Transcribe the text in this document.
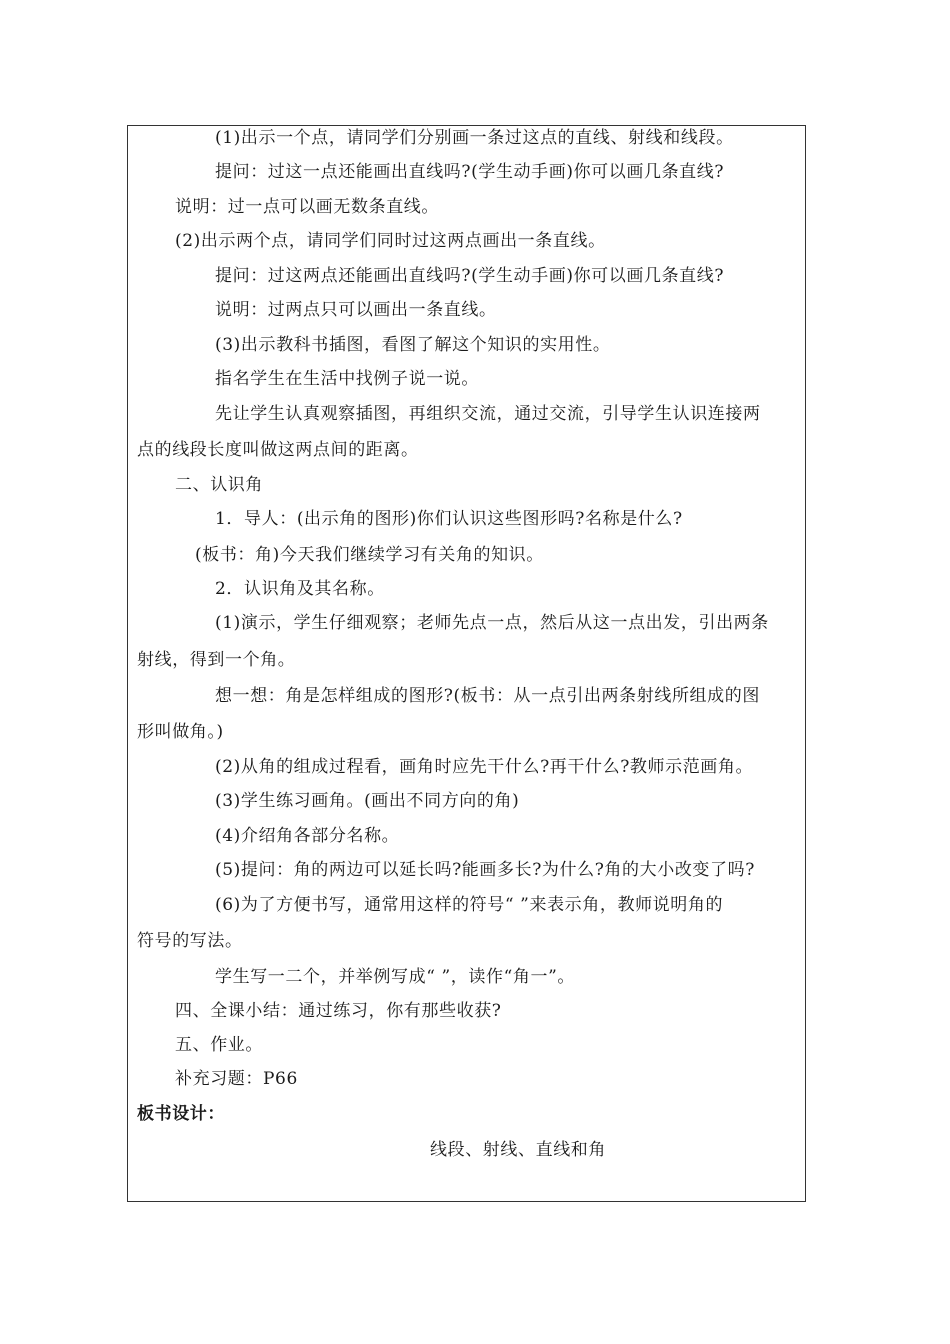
(1)出示一个点，请同学们分别画一条过这点的直线、射线和线段。
提问：过这一点还能画出直线吗?(学生动手画)你可以画几条直线?
说明：过一点可以画无数条直线。
(2)出示两个点，请同学们同时过这两点画出一条直线。
提问：过这两点还能画出直线吗?(学生动手画)你可以画几条直线?
说明：过两点只可以画出一条直线。
(3)出示教科书插图，看图了解这个知识的实用性。
指名学生在生活中找例子说一说。
先让学生认真观察插图，再组织交流，通过交流，引导学生认识连接两
点的线段长度叫做这两点间的距离。
二、认识角
1．导人：(出示角的图形)你们认识这些图形吗?名称是什么?
(板书：角)今天我们继续学习有关角的知识。
2．认识角及其名称。
(1)演示，学生仔细观察；老师先点一点，然后从这一点出发，引出两条
射线，得到一个角。
想一想：角是怎样组成的图形?(板书：从一点引出两条射线所组成的图
形叫做角。)
(2)从角的组成过程看，画角时应先干什么?再干什么?教师示范画角。
(3)学生练习画角。(画出不同方向的角)
(4)介绍角各部分名称。
(5)提问：角的两边可以延长吗?能画多长?为什么?角的大小改变了吗?
(6)为了方便书写，通常用这样的符号“ ”来表示角，教师说明角的
符号的写法。
学生写一二个，并举例写成“ ”，读作“角一”。
四、全课小结：通过练习，你有那些收获?
五、作业。
补充习题：P66
板书设计：
线段、射线、直线和角
